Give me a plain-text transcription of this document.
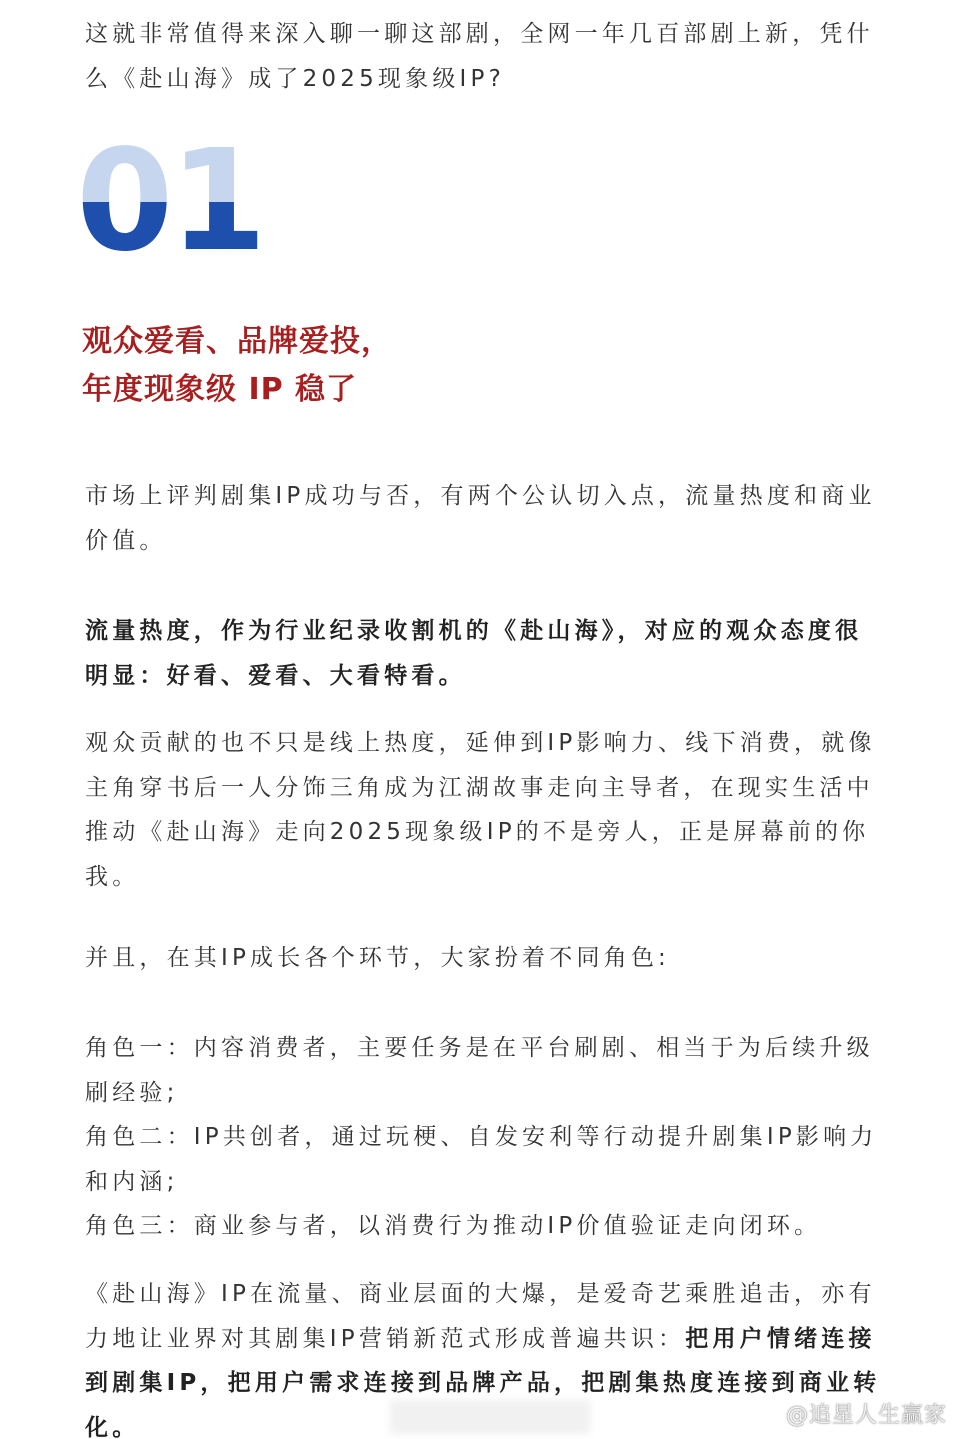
这就非常值得来深入聊一聊这部剧，全网一年几百部剧上新，凭什
么《赴山海》成了2025现象级IP?
01
观众爱看、品牌爱投，
年度现象级 IP 稳了
市场上评判剧集IP成功与否，有两个公认切入点，流量热度和商业
价值。
流量热度，作为行业纪录收割机的《赴山海》，对应的观众态度很
明显：好看、爱看、大看特看。
观众贡献的也不只是线上热度，延伸到IP影响力、线下消费，就像
主角穿书后一人分饰三角成为江湖故事走向主导者，在现实生活中
推动《赴山海》走向2025现象级IP的不是旁人，正是屏幕前的你
我。
并且，在其IP成长各个环节，大家扮着不同角色:
角色一：内容消费者，主要任务是在平台刷剧、相当于为后续升级
刷经验;
角色二：IP共创者，通过玩梗、自发安利等行动提升剧集IP影响力
和内涵;
角色三：商业参与者，以消费行为推动IP价值验证走向闭环。
《赴山海》IP在流量、商业层面的大爆，是爱奇艺乘胜追击，亦有
力地让业界对其剧集IP营销新范式形成普遍共识：把用户情绪连接
到剧集IP，把用户需求连接到品牌产品，把剧集热度连接到商业转
化。	@追星人生赢家
